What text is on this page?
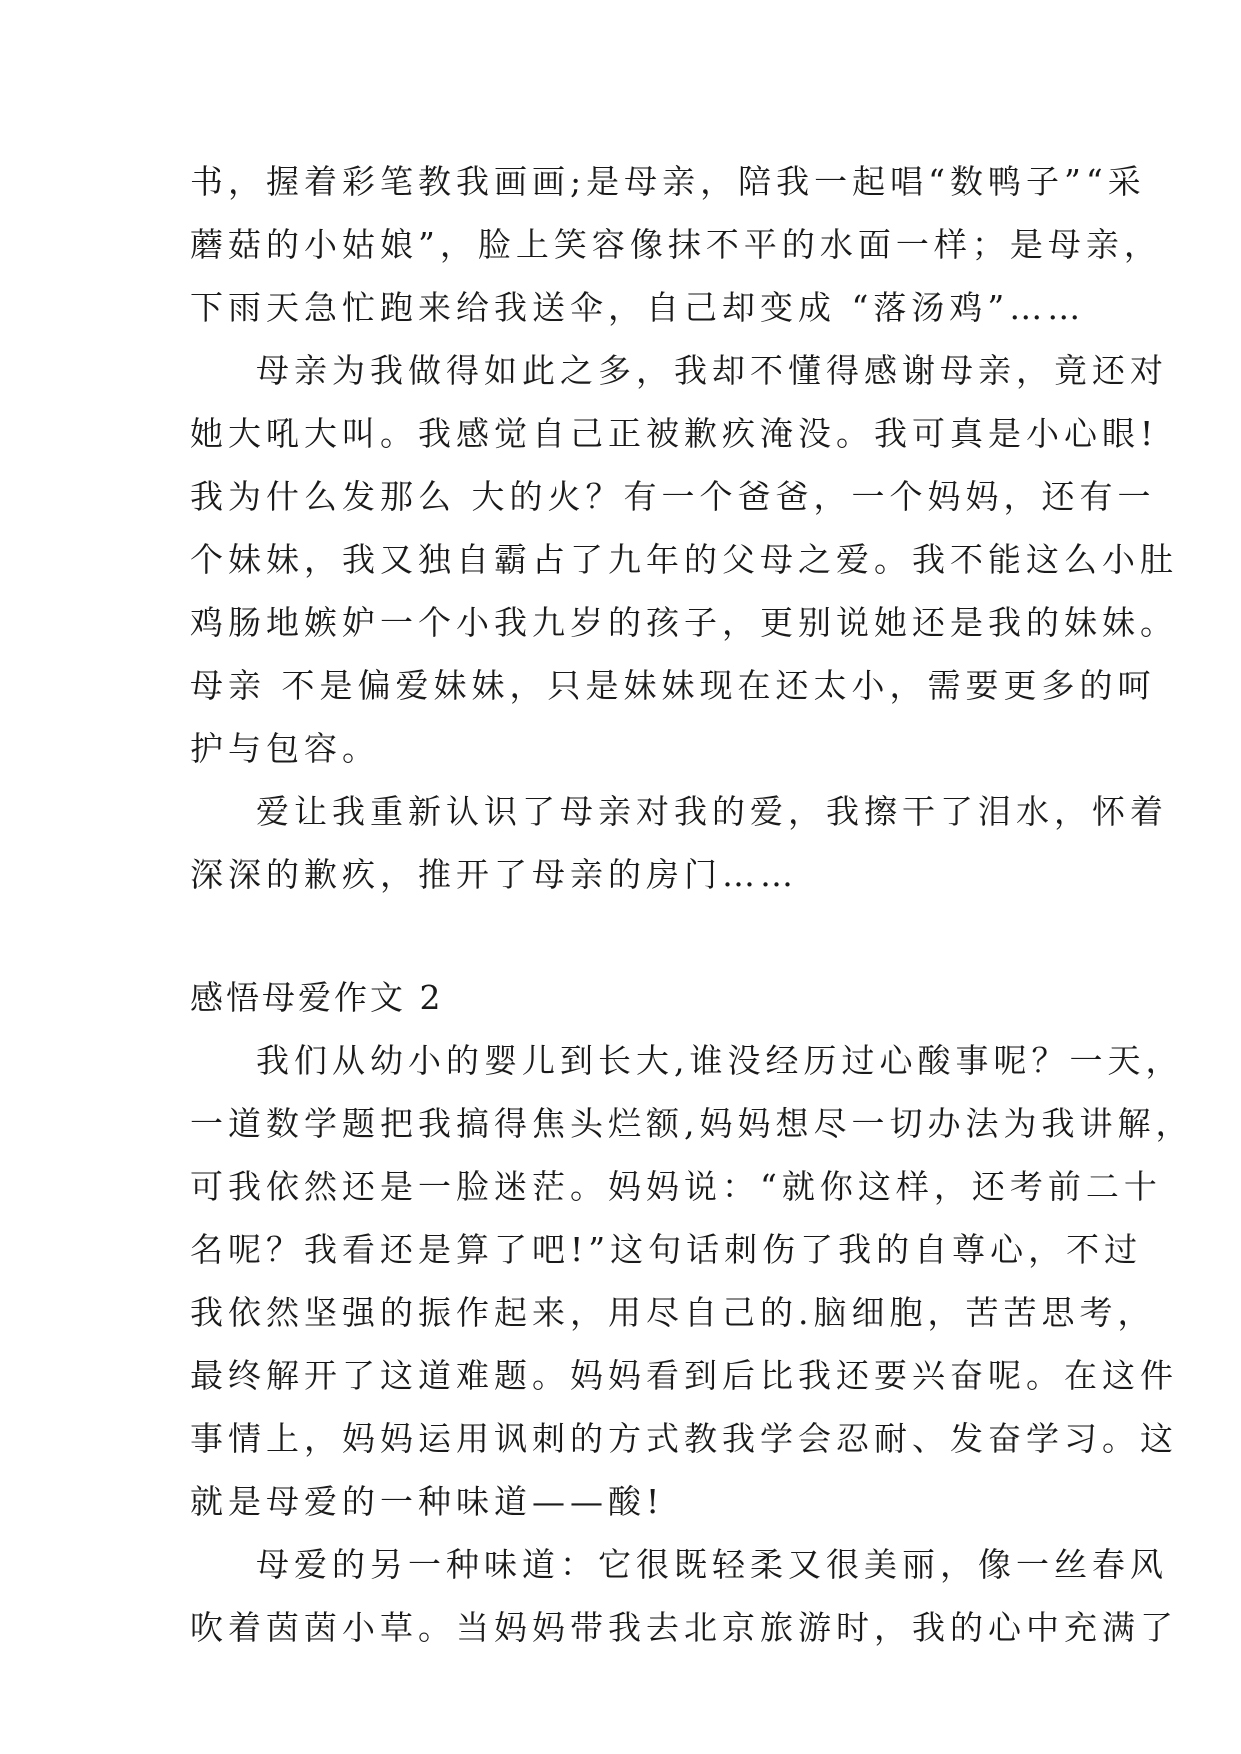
书，握着彩笔教我画画;是母亲，陪我一起唱“数鸭子”“采
蘑菇的小姑娘”，脸上笑容像抹不平的水面一样；是母亲，
下雨天急忙跑来给我送伞，自己却变成 “落汤鸡”……
母亲为我做得如此之多，我却不懂得感谢母亲，竟还对
她大吼大叫。我感觉自己正被歉疚淹没。我可真是小心眼!
我为什么发那么 大的火？有一个爸爸，一个妈妈，还有一
个妹妹，我又独自霸占了九年的父母之爱。我不能这么小肚
鸡肠地嫉妒一个小我九岁的孩子，更别说她还是我的妹妹。
母亲 不是偏爱妹妹，只是妹妹现在还太小，需要更多的呵
护与包容。
爱让我重新认识了母亲对我的爱，我擦干了泪水，怀着
深深的歉疚，推开了母亲的房门……
感悟母爱作文 2
我们从幼小的婴儿到长大,谁没经历过心酸事呢？一天，
一道数学题把我搞得焦头烂额,妈妈想尽一切办法为我讲解，
可我依然还是一脸迷茫。妈妈说：“就你这样，还考前二十
名呢？我看还是算了吧!”这句话刺伤了我的自尊心，不过
我依然坚强的振作起来，用尽自己的.脑细胞，苦苦思考，
最终解开了这道难题。妈妈看到后比我还要兴奋呢。在这件
事情上，妈妈运用讽刺的方式教我学会忍耐、发奋学习。这
就是母爱的一种味道——酸!
母爱的另一种味道：它很既轻柔又很美丽，像一丝春风
吹着茵茵小草。当妈妈带我去北京旅游时，我的心中充满了
